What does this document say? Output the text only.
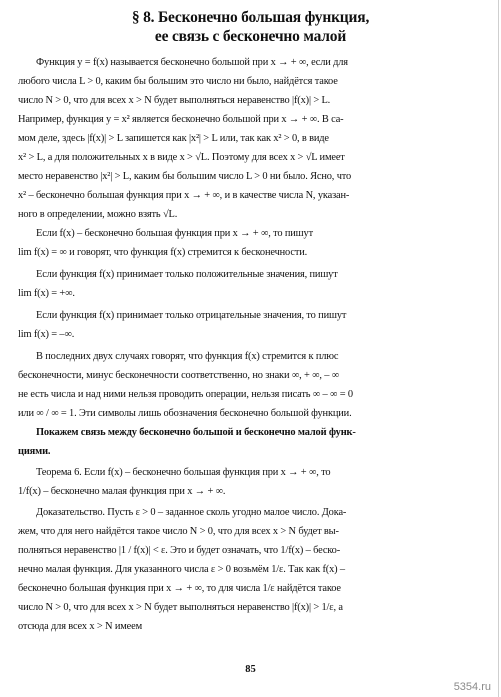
§ 8. Бесконечно большая функция,
ее связь с бесконечно малой
Функция y = f(x) называется бесконечно большой при x → + ∞, если для
любого числа L > 0, каким бы большим это число ни было, найдётся такое
число N > 0, что для всех x > N будет выполняться неравенство |f(x)| > L.
Например, функция y = x² является бесконечно большой при x → + ∞. В са-
мом деле, здесь |f(x)| > L запишется как |x²| > L или, так как x² > 0, в виде
x² > L, а для положительных x в виде x > √L. Поэтому для всех x > √L имеет
место неравенство |x²| > L, каким бы большим число L > 0 ни было. Ясно, что
x² – бесконечно большая функция при x → + ∞, и в качестве числа N, указан-
ного в определении, можно взять √L.
Если f(x) – бесконечно большая функция при x → + ∞, то пишут
lim f(x) = ∞ и говорят, что функция f(x) стремится к бесконечности.
Если функция f(x) принимает только положительные значения, пишут
lim f(x) = +∞.
Если функция f(x) принимает только отрицательные значения, то пишут
lim f(x) = –∞.
В последних двух случаях говорят, что функция f(x) стремится к плюс
бесконечности, минус бесконечности соответственно, но знаки ∞, + ∞, – ∞
не есть числа и над ними нельзя проводить операции, нельзя писать ∞ – ∞ = 0
или ∞ / ∞ = 1. Эти символы лишь обозначения бесконечно большой функции.
Покажем связь между бесконечно большой и бесконечно малой функ-
циями.
Теорема 6. Если f(x) – бесконечно большая функция при x → + ∞, то
1/f(x) – бесконечно малая функция при x → + ∞.
Доказательство. Пусть ε > 0 – заданное сколь угодно малое число. Дока-
жем, что для него найдётся такое число N > 0, что для всех x > N будет вы-
полняться неравенство |1 / f(x)| < ε. Это и будет означать, что 1/f(x) – беско-
нечно малая функция. Для указанного числа ε > 0 возьмём 1/ε. Так как f(x) –
бесконечно большая функция при x → + ∞, то для числа 1/ε найдётся такое
число N > 0, что для всех x > N будет выполняться неравенство |f(x)| > 1/ε, а
отсюда для всех x > N имеем
85
5354.ru
